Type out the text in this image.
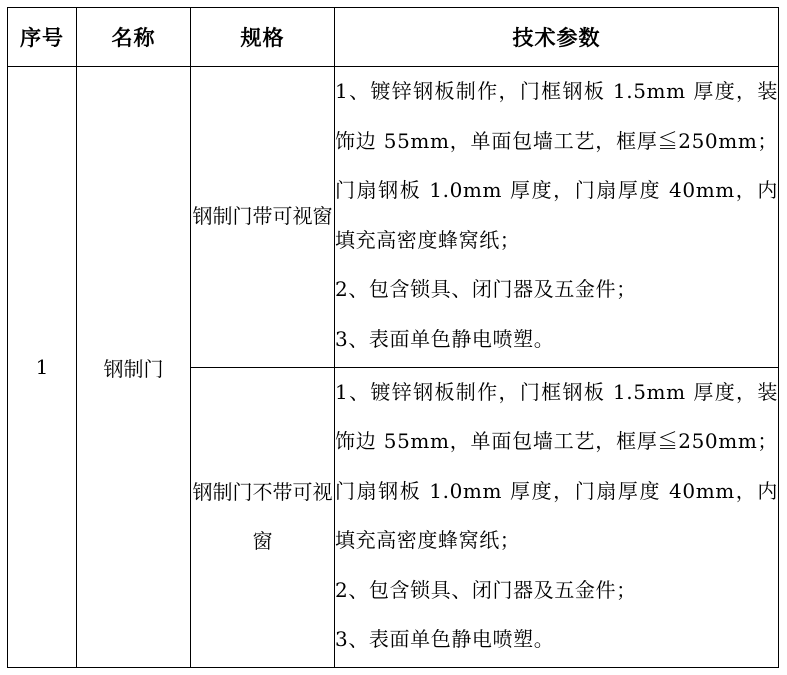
序号	名称	规格	技术参数
1	钢制门	钢制门带可视窗	1、镀锌钢板制作，门框钢板 1.5mm 厚度，装饰边 55mm，单面包墙工艺，框厚≦250mm；门扇钢板 1.0mm 厚度，门扇厚度 40mm，内填充高密度蜂窝纸；

2、包含锁具、闭门器及五金件；

3、表面单色静电喷塑。

		钢制门不带可视窗	1、镀锌钢板制作，门框钢板 1.5mm 厚度，装饰边 55mm，单面包墙工艺，框厚≦250mm；门扇钢板 1.0mm 厚度，门扇厚度 40mm，内填充高密度蜂窝纸；

2、包含锁具、闭门器及五金件；

3、表面单色静电喷塑。
